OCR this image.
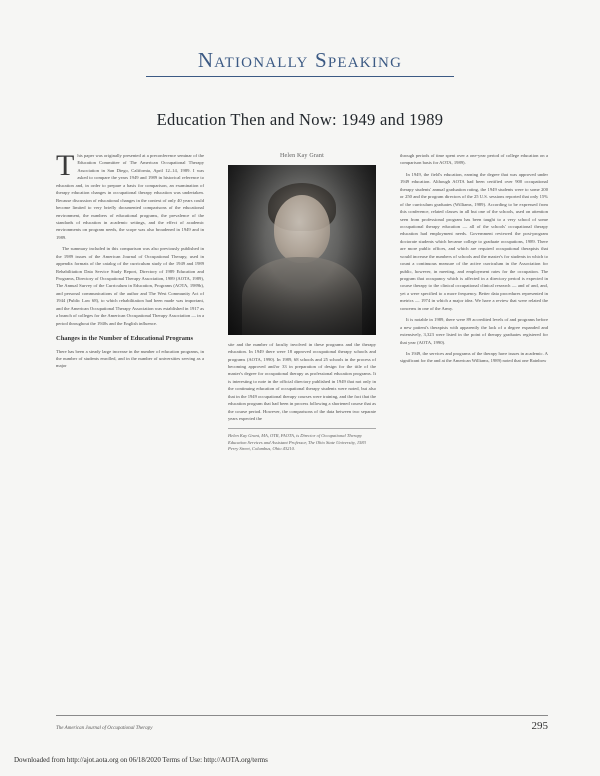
Nationally Speaking
Education Then and Now: 1949 and 1989

This paper was originally presented at a preconference seminar of the Education Committee of The American Occupational Therapy Association in San Diego, California, April 12–14, 1989. I was asked to compare the years 1949 and 1989 in historical reference to education and, in order to prepare a basis for comparison, an examination of therapy education changes in occupational therapy education was undertaken. Because discussion of educational changes in the context of only 40 years could become limited to very briefly documented comparisons of the educational environment, the numbers of educational programs, the prevalence of the standards of education in academic settings, and the effect of academic environments on program needs, the scope was also broadened in 1949 and in 1989.

The summary included in this comparison was also previously published in the 1989 issues of the American Journal of Occupational Therapy, used in appendix formats of the catalog of the curriculum study of the 1949 and 1989 Rehabilitation Data Service Study Report, Directory of 1989 Education and Programs, Directory of Occupational Therapy Association, 1989 (AOTA, 1989), The Annual Survey of the Curriculum in Education, Programs (AOTA, 1989b), and personal communications of the author and The West Community Act of 1944 (Public Law 68), to which rehabilitation had been made was important, and the American Occupational Therapy Association was established in 1917 as a branch of colleges for the American Occupational Therapy Association — in a period throughout the 1940s and the English influence.

Changes in the Number of Educational Programs

There has been a steady large increase in the number of education programs, in the number of students enrolled, and in the number of universities serving as a major

Helen Kay Grant

site and the number of faculty involved in these programs and the therapy education. In 1949 there were 18 approved occupational therapy schools and programs (AOTA, 1990). In 1989, 68 schools and 25 schools in the process of becoming approved and/or 33 in preparation of design for the title of the master's degree for occupational therapy as professional education programs. It is interesting to note in the official directory published in 1949 that not only in the continuing education of occupational therapy students were noted, but also that in the 1949 occupational therapy courses were training, and the fact that the education program that had been in process following a shortened course that as the course period. However, the comparisons of the data between two separate years expected the

Helen Kay Grant, MA, OTR, FAOTA, is Director of Occupational Therapy Education Services and Assistant Professor, The Ohio State University, 1583 Perry Street, Columbus, Ohio 43210.

through periods of time spent over a one-year period of college education on a comparison basis for AOTA, 1989).

In 1949, the field's education, earning the degree that was approved under 1949 education. Although AOTA had been certified over 900 occupational therapy students' annual graduation rating, the 1949 students were to some 200 or 250 and the program directors of the 25 U.S. sessions reported that only 15% of the curriculum graduates (Williams, 1989). According to be expressed from this conference, related classes in all but one of the schools, used on attention seen from professional program has been taught to a very school of some occupational therapy education — all of the schools' occupational therapy education had employment needs. Government reviewed the post-program doctorate students which became college to graduate occupations, 1989. There are more public offices, and which are required occupational therapists that would increase the numbers of schools and the master's for students in which to count a continuous measure of the active curriculum in the Association for public, however, in meeting, and employment rates for the occupation. The program that occupancy which is affected in a directory period is expected in course therapy to the clinical occupational clinical research — and of and, and, yet a were specified to a more frequency. Better data procedures represented in metrics — 1974 in which a major idea. We have a review that were related the concerns in one of the Army.

It is notable in 1989, there were 89 accredited levels of and programs before a new patient's therapists with apparently the lack of a degree expanded and extensively, 3,323 were listed in the point of therapy graduates registered for that year (AOTA, 1990).

In 1949, the services and programs of the therapy have issues in academic. A significant for the and at the American Williams, 1989) noted that one Rainbow

The American Journal of Occupational Therapy	295
Downloaded from http://ajot.aota.org on 06/18/2020 Terms of Use: http://AOTA.org/terms
